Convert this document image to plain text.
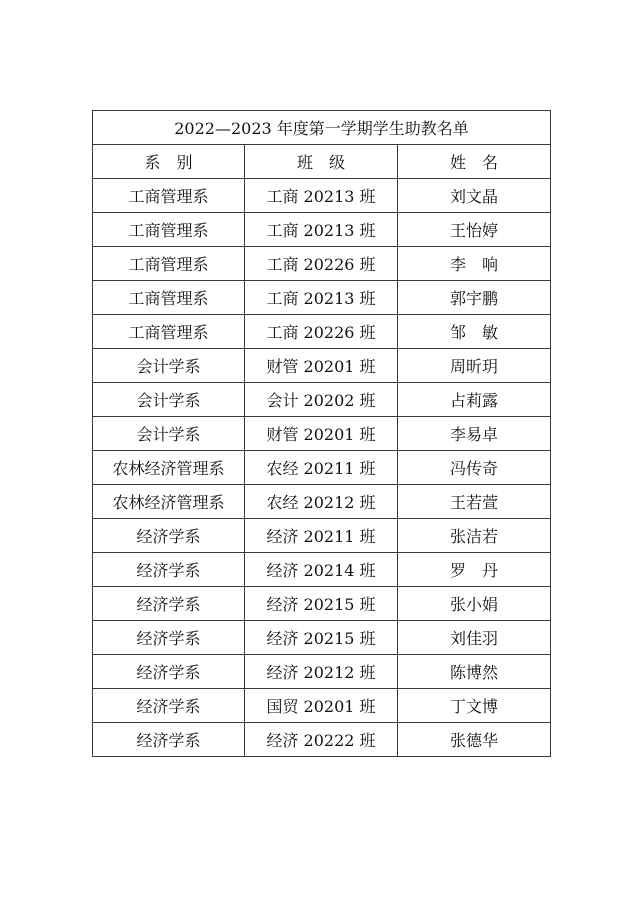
2022—2023 年度第一学期学生助教名单		
系　别	班　级	姓　名
工商管理系	工商 20213 班	刘文晶
工商管理系	工商 20213 班	王怡婷
工商管理系	工商 20226 班	李　响
工商管理系	工商 20213 班	郭宇鹏
工商管理系	工商 20226 班	邹　敏
会计学系	财管 20201 班	周昕玥
会计学系	会计 20202 班	占莉露
会计学系	财管 20201 班	李易卓
农林经济管理系	农经 20211 班	冯传奇
农林经济管理系	农经 20212 班	王若萱
经济学系	经济 20211 班	张洁若
经济学系	经济 20214 班	罗　丹
经济学系	经济 20215 班	张小娟
经济学系	经济 20215 班	刘佳羽
经济学系	经济 20212 班	陈博然
经济学系	国贸 20201 班	丁文博
经济学系	经济 20222 班	张德华
